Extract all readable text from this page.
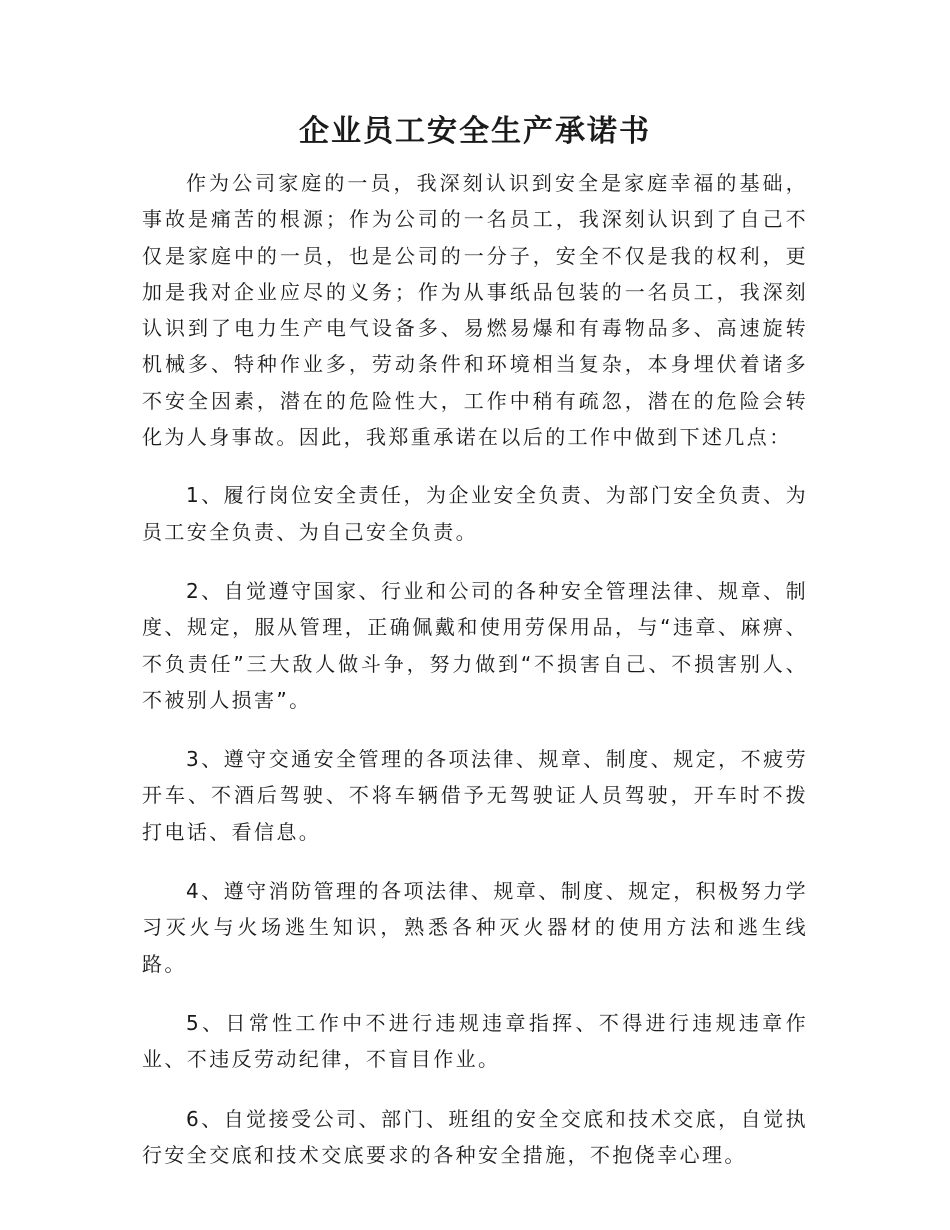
企业员工安全生产承诺书

作为公司家庭的一员，我深刻认识到安全是家庭幸福的基础，事故是痛苦的根源；作为公司的一名员工，我深刻认识到了自己不仅是家庭中的一员，也是公司的一分子，安全不仅是我的权利，更加是我对企业应尽的义务；作为从事纸品包装的一名员工，我深刻认识到了电力生产电气设备多、易燃易爆和有毒物品多、高速旋转机械多、特种作业多，劳动条件和环境相当复杂，本身埋伏着诸多不安全因素，潜在的危险性大，工作中稍有疏忽，潜在的危险会转化为人身事故。因此，我郑重承诺在以后的工作中做到下述几点：

1、履行岗位安全责任，为企业安全负责、为部门安全负责、为员工安全负责、为自己安全负责。

2、自觉遵守国家、行业和公司的各种安全管理法律、规章、制度、规定，服从管理，正确佩戴和使用劳保用品，与“违章、麻痹、不负责任”三大敌人做斗争，努力做到“不损害自己、不损害别人、不被别人损害”。

3、遵守交通安全管理的各项法律、规章、制度、规定，不疲劳开车、不酒后驾驶、不将车辆借予无驾驶证人员驾驶，开车时不拨打电话、看信息。

4、遵守消防管理的各项法律、规章、制度、规定，积极努力学习灭火与火场逃生知识，熟悉各种灭火器材的使用方法和逃生线路。

5、日常性工作中不进行违规违章指挥、不得进行违规违章作业、不违反劳动纪律，不盲目作业。

6、自觉接受公司、部门、班组的安全交底和技术交底，自觉执行安全交底和技术交底要求的各种安全措施，不抱侥幸心理。
